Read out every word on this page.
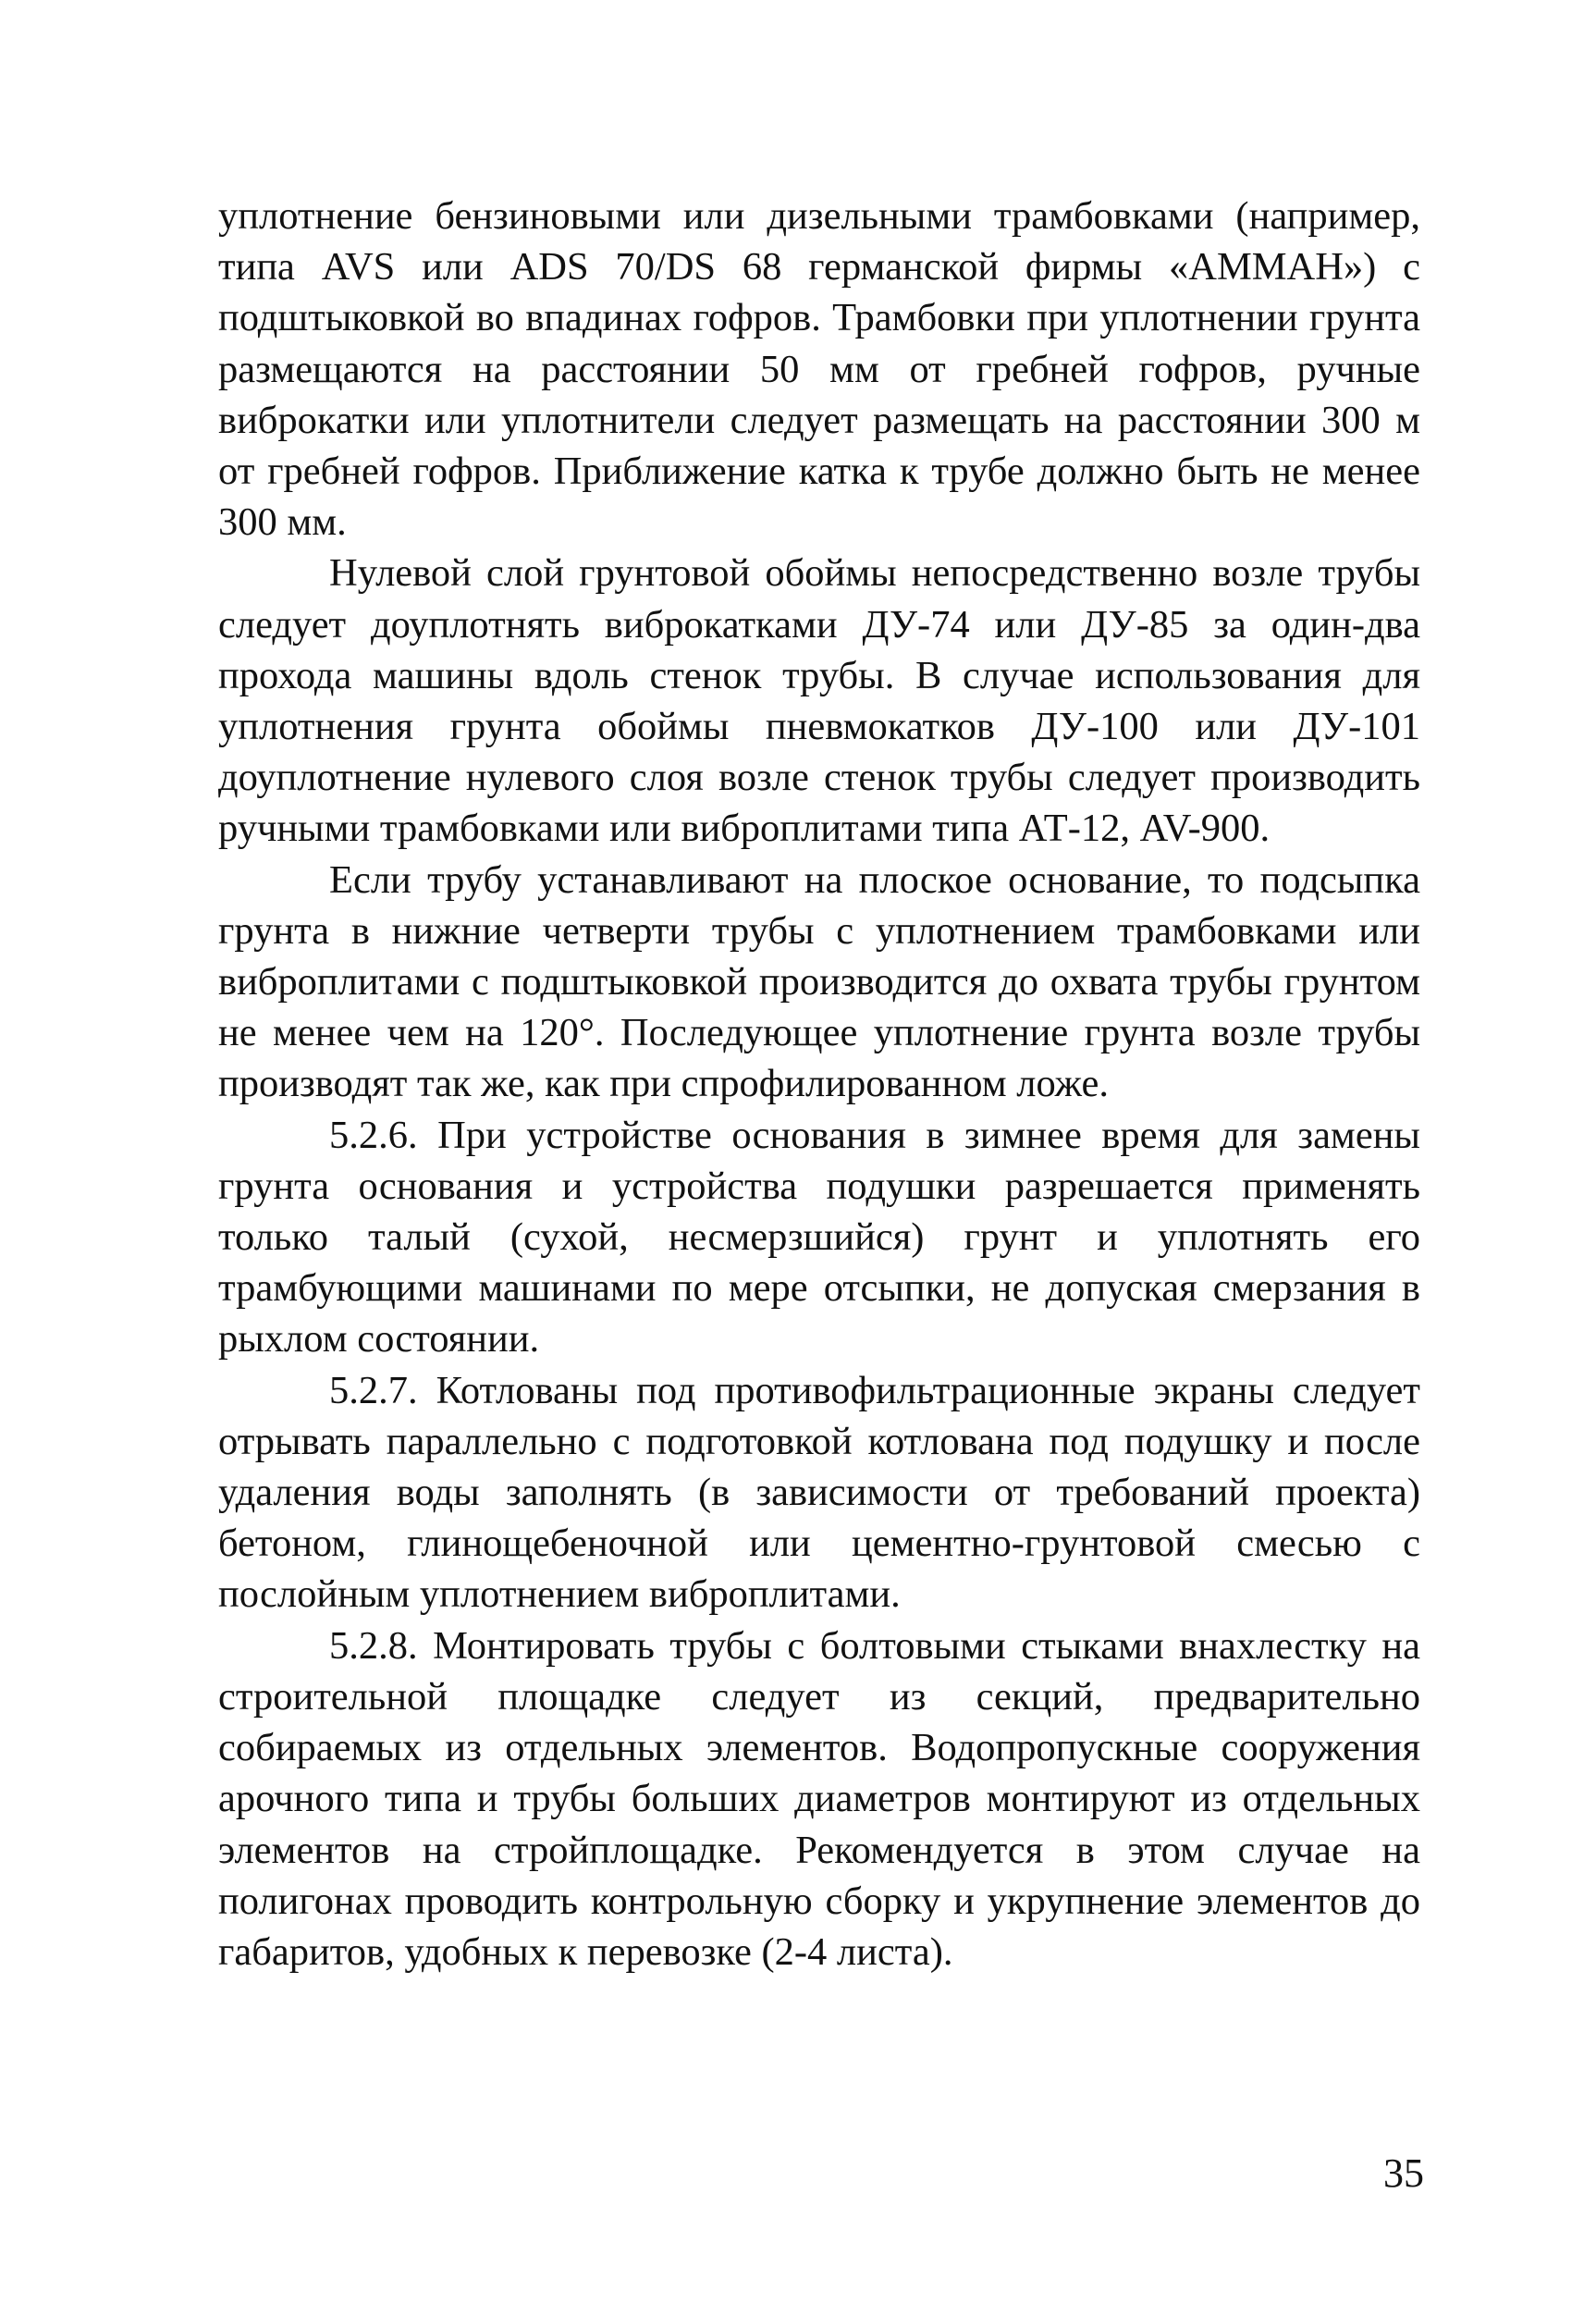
уплотнение бензиновыми или дизельными трамбовками (например, типа AVS или ADS 70/DS 68 германской фирмы «АММАН») с подштыковкой во впадинах гофров. Трамбовки при уплотнении грунта размещаются на расстоянии 50 мм от гребней гофров, ручные виброкатки или уплотнители следует размещать на расстоянии 300 м от гребней гофров. Приближение катка к трубе должно быть не менее 300 мм.

Нулевой слой грунтовой обоймы непосредственно возле трубы следует доуплотнять виброкатками ДУ-74 или ДУ-85 за один-два прохода машины вдоль стенок трубы. В случае использования для уплотнения грунта обоймы пневмокатков ДУ-100 или ДУ-101 доуплотнение нулевого слоя возле стенок трубы следует производить ручными трамбовками или виброплитами типа АТ-12, AV-900.

Если трубу устанавливают на плоское основание, то подсыпка грунта в нижние четверти трубы с уплотнением трамбовками или виброплитами с подштыковкой производится до охвата трубы грунтом не менее чем на 120°. Последующее уплотнение грунта возле трубы производят так же, как при спрофилированном ложе.

5.2.6. При устройстве основания в зимнее время для замены грунта основания и устройства подушки разрешается применять только талый (сухой, несмерзшийся) грунт и уплотнять его трамбующими машинами по мере отсыпки, не допуская смерзания в рыхлом состоянии.

5.2.7. Котлованы под противофильтрационные экраны следует отрывать параллельно с подготовкой котлована под подушку и после удаления воды заполнять (в зависимости от требований проекта) бетоном, глинощебеночной или цементно-грунтовой смесью с послойным уплотнением виброплитами.

5.2.8. Монтировать трубы с болтовыми стыками внахлестку на строительной площадке следует из секций, предварительно собираемых из отдельных элементов. Водопропускные сооружения арочного типа и трубы больших диаметров монтируют из отдельных элементов на стройплощадке. Рекомендуется в этом случае на полигонах проводить контрольную сборку и укрупнение элементов до габаритов, удобных к перевозке (2-4 листа).

35
